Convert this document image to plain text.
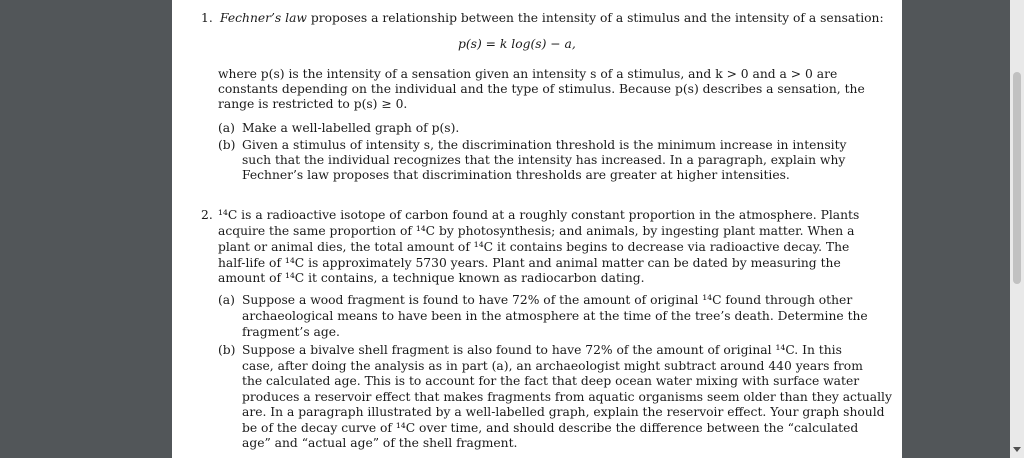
1. Fechner’s law proposes a relationship between the intensity of a stimulus and the intensity of a sensation:
p(s) = k log(s) − a,
where p(s) is the intensity of a sensation given an intensity s of a stimulus, and k > 0 and a > 0 are
constants depending on the individual and the type of stimulus. Because p(s) describes a sensation, the
range is restricted to p(s) ≥ 0.
(a) Make a well-labelled graph of p(s).
(b) Given a stimulus of intensity s, the discrimination threshold is the minimum increase in intensity
such that the individual recognizes that the intensity has increased. In a paragraph, explain why
Fechner’s law proposes that discrimination thresholds are greater at higher intensities.
2. ¹⁴C is a radioactive isotope of carbon found at a roughly constant proportion in the atmosphere. Plants
acquire the same proportion of ¹⁴C by photosynthesis; and animals, by ingesting plant matter. When a
plant or animal dies, the total amount of ¹⁴C it contains begins to decrease via radioactive decay. The
half-life of ¹⁴C is approximately 5730 years. Plant and animal matter can be dated by measuring the
amount of ¹⁴C it contains, a technique known as radiocarbon dating.
(a) Suppose a wood fragment is found to have 72% of the amount of original ¹⁴C found through other
archaeological means to have been in the atmosphere at the time of the tree’s death. Determine the
fragment’s age.
(b) Suppose a bivalve shell fragment is also found to have 72% of the amount of original ¹⁴C. In this
case, after doing the analysis as in part (a), an archaeologist might subtract around 440 years from
the calculated age. This is to account for the fact that deep ocean water mixing with surface water
produces a reservoir effect that makes fragments from aquatic organisms seem older than they actually
are. In a paragraph illustrated by a well-labelled graph, explain the reservoir effect. Your graph should
be of the decay curve of ¹⁴C over time, and should describe the difference between the “calculated
age” and “actual age” of the shell fragment.
